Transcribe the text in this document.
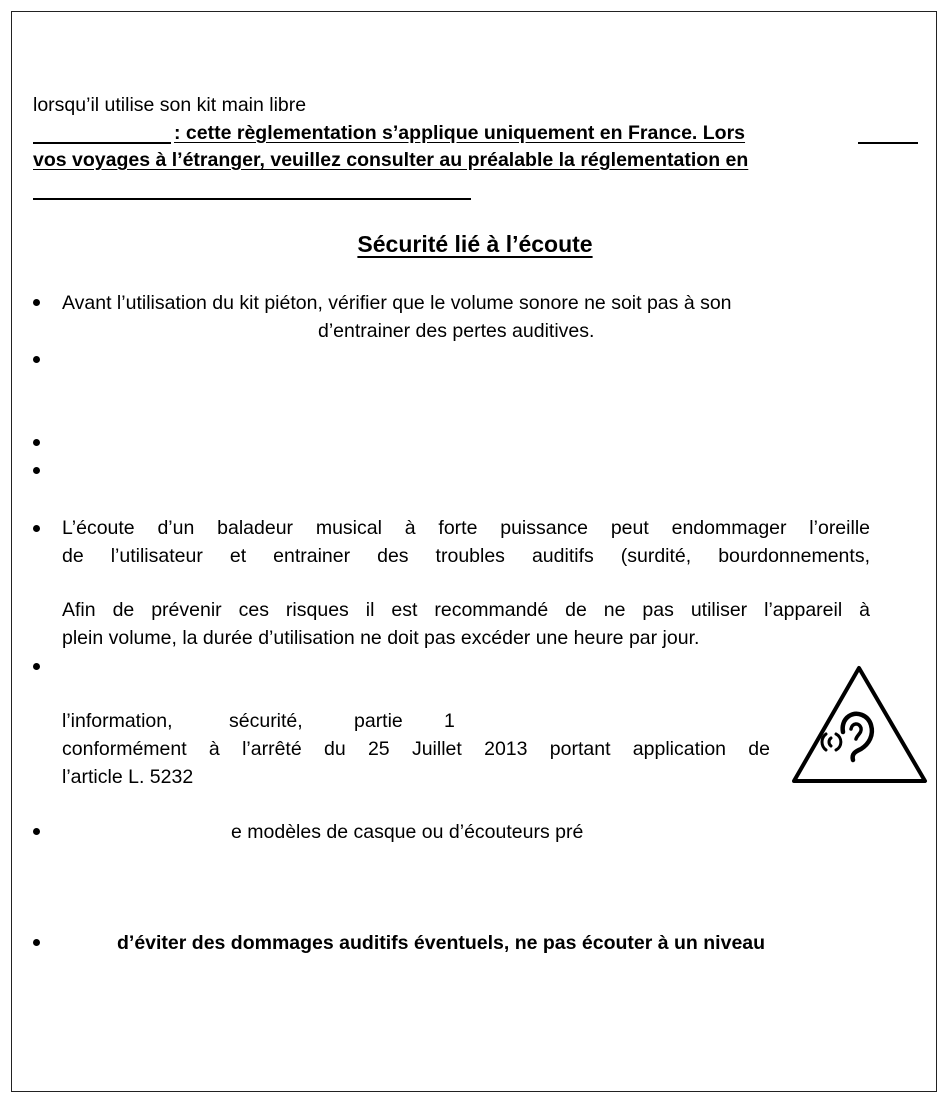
lorsqu’il utilise son kit main libre
: cette règlementation s’applique uniquement en France. Lors
vos voyages à l’étranger, veuillez consulter au préalable la réglementation en
Sécurité lié à l’écoute
Avant l’utilisation du kit piéton, vérifier que le volume sonore ne soit pas à son
d’entrainer des pertes auditives.
L’écoute d’un baladeur musical à forte puissance peut endommager l’oreille
de l’utilisateur et entrainer des troubles auditifs (surdité, bourdonnements,
Afin de prévenir ces risques il est recommandé de ne pas utiliser l’appareil à
plein volume, la durée d’utilisation ne doit pas excéder une heure par jour.
l’information,	sécurité,	partie 1
conformément à l’arrêté du 25 Juillet 2013 portant application de
l’article L. 5232
e modèles de casque ou d’écouteurs pré
d’éviter des dommages auditifs éventuels, ne pas écouter à un niveau
